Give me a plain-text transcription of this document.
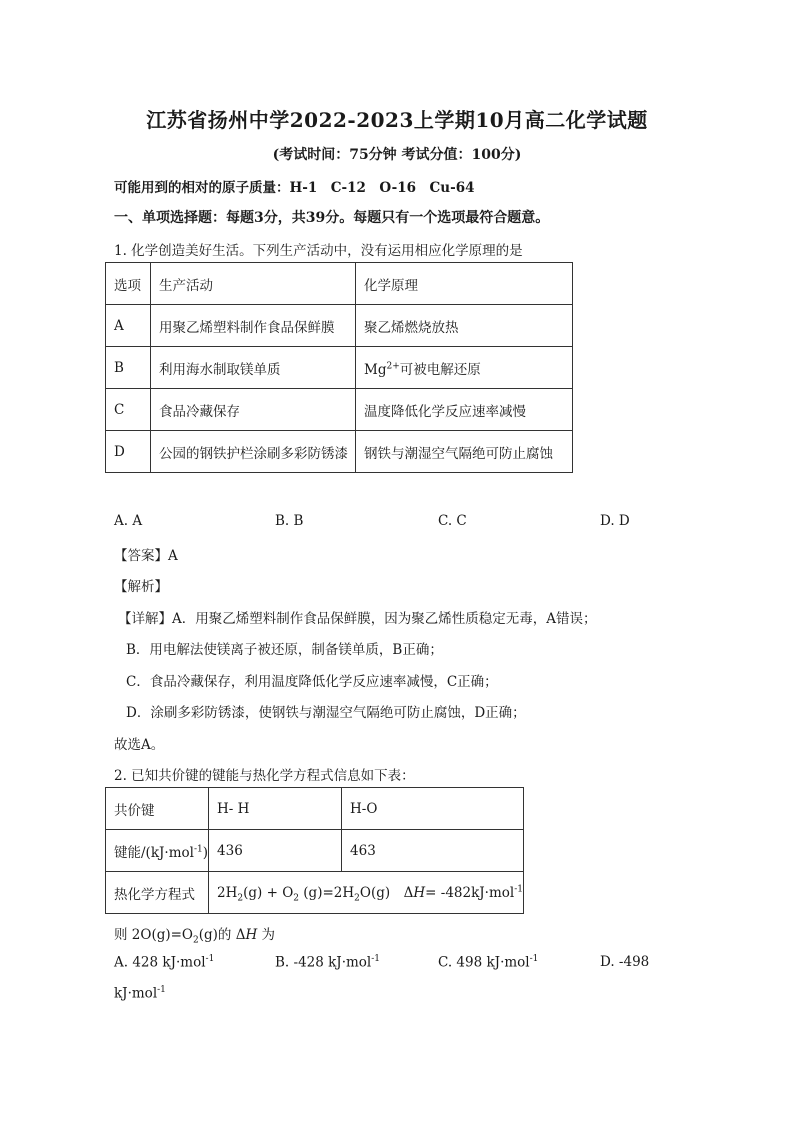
江苏省扬州中学2022-2023上学期10月高二化学试题
(考试时间：75分钟 考试分值：100分)
可能用到的相对的原子质量：H-1　C-12　O-16　Cu-64
一、单项选择题：每题3分，共39分。每题只有一个选项最符合题意。
1. 化学创造美好生活。下列生产活动中，没有运用相应化学原理的是
选项	生产活动	化学原理
A	用聚乙烯塑料制作食品保鲜膜	聚乙烯燃烧放热
B	利用海水制取镁单质	$Mg^{2+}$可被电解还原
C	食品冷藏保存	温度降低化学反应速率减慢
D	公园的钢铁护栏涂刷多彩防锈漆	钢铁与潮湿空气隔绝可防止腐蚀
A. A	B. B	C. C	D. D
【答案】A
【解析】
【详解】A．用聚乙烯塑料制作食品保鲜膜，因为聚乙烯性质稳定无毒，A错误；
B．用电解法使镁离子被还原，制备镁单质，B正确；
C．食品冷藏保存，利用温度降低化学反应速率减慢，C正确；
D．涂刷多彩防锈漆，使钢铁与潮湿空气隔绝可防止腐蚀，D正确；
故选A。
2. 已知共价键的键能与热化学方程式信息如下表：
共价键	H- H	H-O
键能/(kJ·mol$^{-1}$)	436	463
热化学方程式	$2H_2(g) + O_2$ $(g)=2H_2O(g)$　ΔH= -482kJ·mol$^{-1}$
则 $2O(g)=O_2(g)$的 ΔH 为
A. 428 kJ·mol$^{-1}$	B. -428 kJ·mol$^{-1}$	C. 498 kJ·mol$^{-1}$	D. -498
kJ·mol$^{-1}$
